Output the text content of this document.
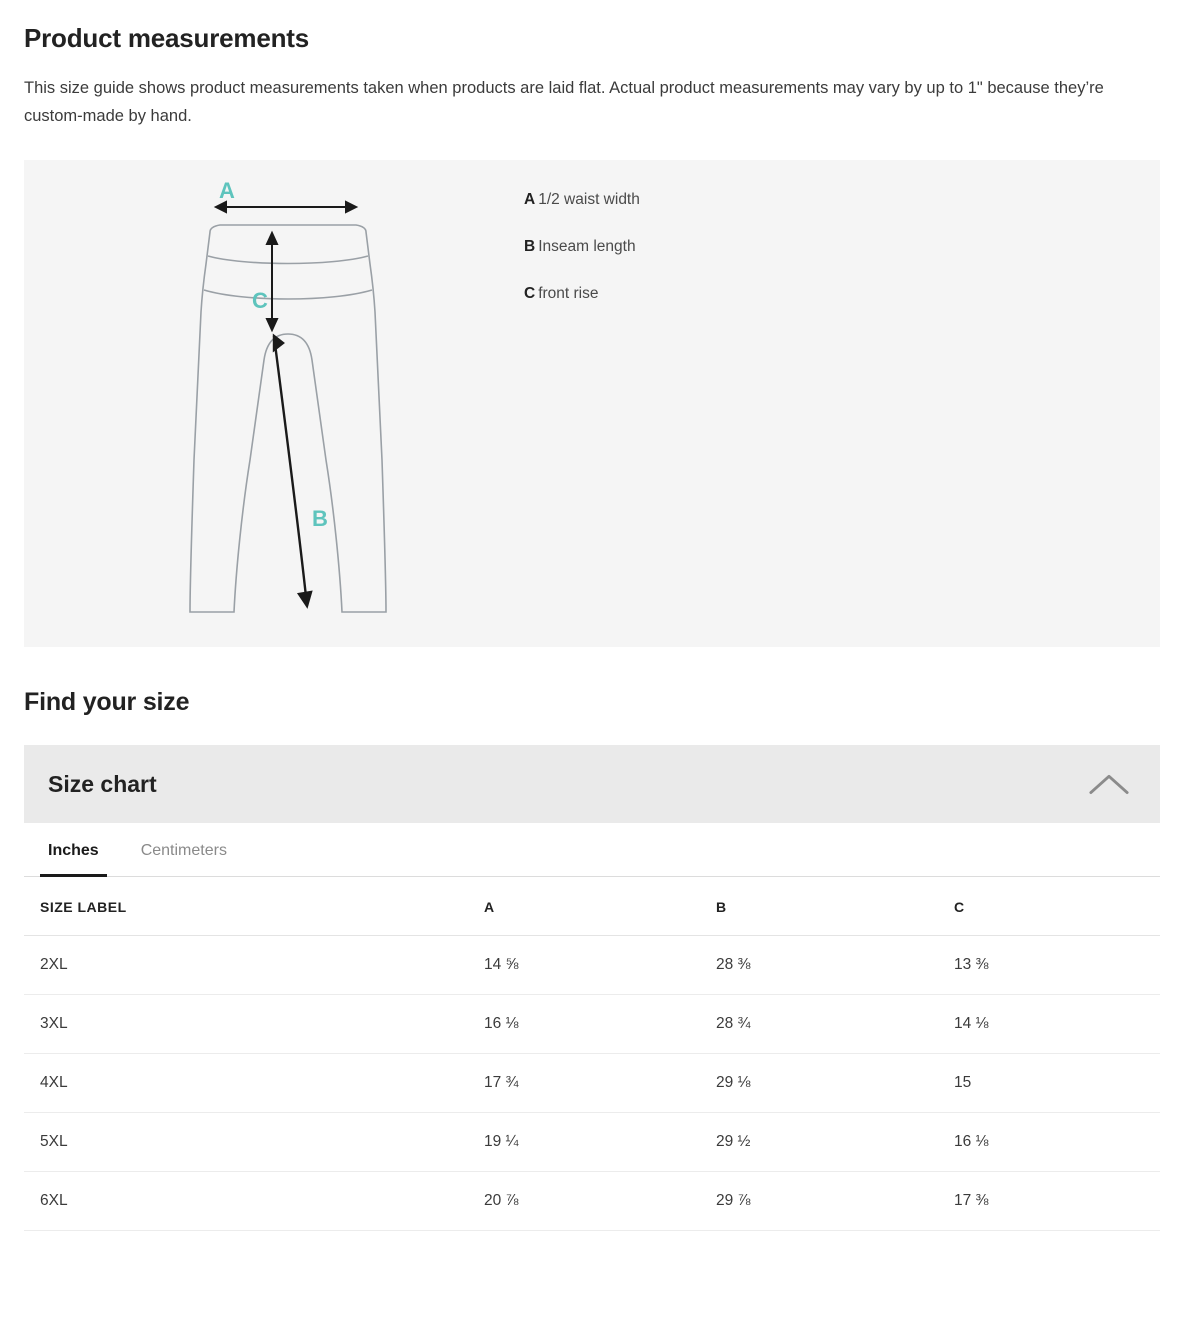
Product measurements

This size guide shows product measurements taken when products are laid flat. Actual product measurements may vary by up to 1" because they’re custom-made by hand.

A
C
B
A 1/2 waist width
B Inseam length
C front rise
Find your size
Size chart
Inches	Centimeters
SIZE LABEL	A	B	C
2XL	14 ⅝	28 ⅜	13 ⅜
3XL	16 ⅛	28 ¾	14 ⅛
4XL	17 ¾	29 ⅛	15
5XL	19 ¼	29 ½	16 ⅛
6XL	20 ⅞	29 ⅞	17 ⅜
